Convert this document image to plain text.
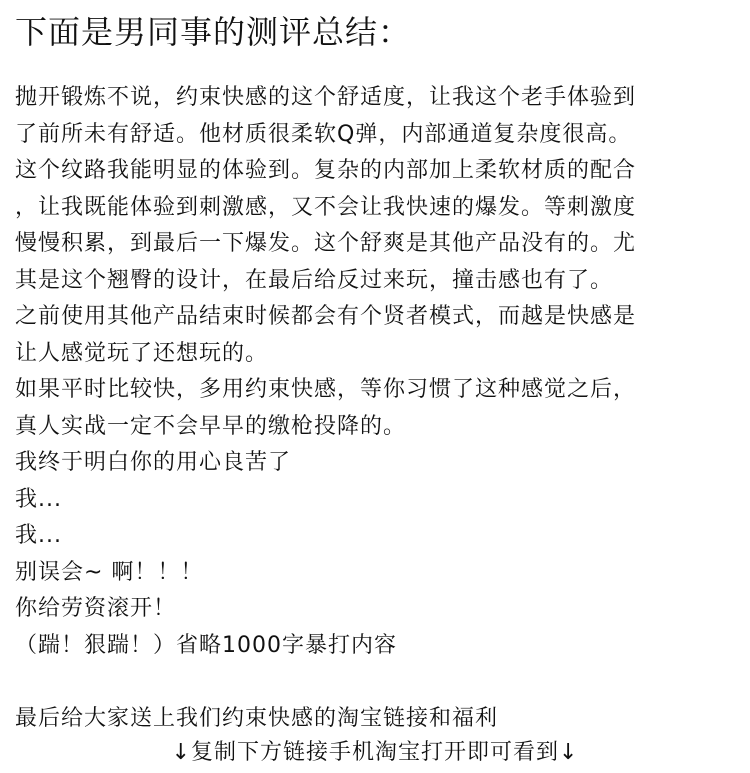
下面是男同事的测评总结：
抛开锻炼不说，约束快感的这个舒适度，让我这个老手体验到
了前所未有舒适。他材质很柔软Q弹，内部通道复杂度很高。
这个纹路我能明显的体验到。复杂的内部加上柔软材质的配合
，让我既能体验到刺激感，又不会让我快速的爆发。等刺激度
慢慢积累，到最后一下爆发。这个舒爽是其他产品没有的。尤
其是这个翘臀的设计，在最后给反过来玩，撞击感也有了。
之前使用其他产品结束时候都会有个贤者模式，而越是快感是
让人感觉玩了还想玩的。
如果平时比较快，多用约束快感，等你习惯了这种感觉之后，
真人实战一定不会早早的缴枪投降的。
我终于明白你的用心良苦了
我...
我...
别误会~ 啊！！！
你给劳资滚开！
（踹！狠踹！）省略1000字暴打内容
最后给大家送上我们约束快感的淘宝链接和福利
↓复制下方链接手机淘宝打开即可看到↓
